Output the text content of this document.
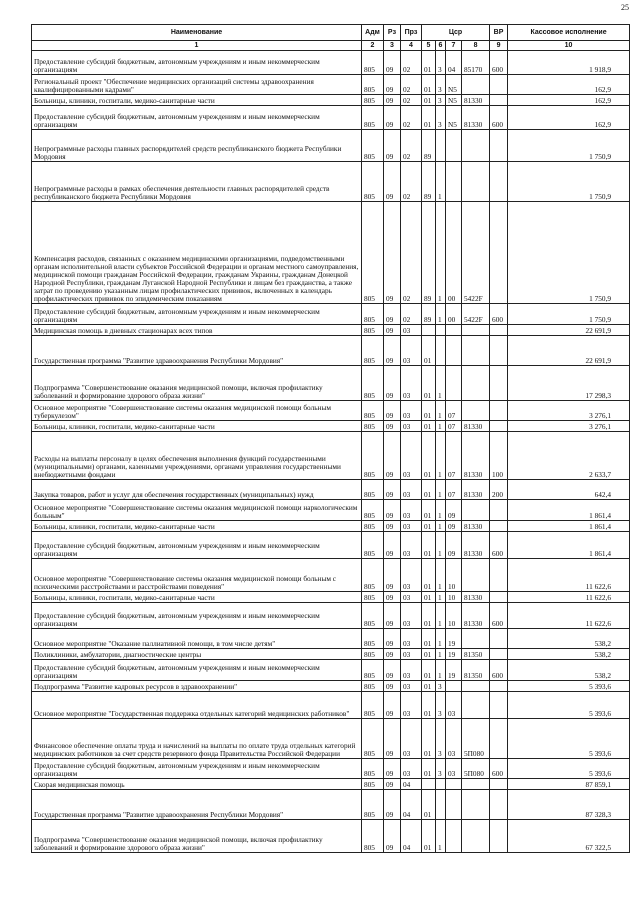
25
Наименование	Адм	Рз	Прз	Цср				ВР	Кассовое исполнение
1	2	3	4	5	6	7	8	9	10
Предоставление субсидий бюджетным, автономным учреждениям и иным некоммерческим организациям	805	09	02	01	3	04	85170	600	1 918,9
Региональный проект "Обеспечение медицинских организаций системы здравоохранения квалифицированными кадрами"	805	09	02	01	3	N5			162,9
Больницы, клиники, госпитали, медико-санитарные части	805	09	02	01	3	N5	81330		162,9
Предоставление субсидий бюджетным, автономным учреждениям и иным некоммерческим организациям	805	09	02	01	3	N5	81330	600	162,9
Непрограммные расходы главных распорядителей средств республиканского бюджета Республики Мордовия	805	09	02	89					1 750,9
Непрограммные расходы в рамках обеспечения деятельности главных распорядителей средств республиканского бюджета Республики Мордовия	805	09	02	89	1				1 750,9
Компенсация расходов, связанных с оказанием медицинскими организациями, подведомственными органам исполнительной власти субъектов Российской Федерации и органам местного самоуправления, медицинской помощи гражданам Российской Федерации, гражданам Украины, гражданам Донецкой Народной Республики, гражданам Луганской Народной Республики и лицам без гражданства, а также затрат по проведению указанным лицам профилактических прививок, включенных в календарь профилактических прививок по эпидемическим показаниям	805	09	02	89	1	00	5422F		1 750,9
Предоставление субсидий бюджетным, автономным учреждениям и иным некоммерческим организациям	805	09	02	89	1	00	5422F	600	1 750,9
Медицинская помощь в дневных стационарах всех типов	805	09	03						22 691,9
Государственная программа "Развитие здравоохранения Республики Мордовия"	805	09	03	01					22 691,9
Подпрограмма "Совершенствование оказания медицинской помощи, включая профилактику заболеваний и формирование здорового образа жизни"	805	09	03	01	1				17 298,3
Основное мероприятие "Совершенствование системы оказания медицинской помощи больным туберкулезом"	805	09	03	01	1	07			3 276,1
Больницы, клиники, госпитали, медико-санитарные части	805	09	03	01	1	07	81330		3 276,1
Расходы на выплаты персоналу в целях обеспечения выполнения функций государственными (муниципальными) органами, казенными учреждениями, органами управления государственными внебюджетными фондами	805	09	03	01	1	07	81330	100	2 633,7
Закупка товаров, работ и услуг для обеспечения государственных (муниципальных) нужд	805	09	03	01	1	07	81330	200	642,4
Основное мероприятие "Совершенствование системы оказания медицинской помощи наркологическим больным"	805	09	03	01	1	09			1 861,4
Больницы, клиники, госпитали, медико-санитарные части	805	09	03	01	1	09	81330		1 861,4
Предоставление субсидий бюджетным, автономным учреждениям и иным некоммерческим организациям	805	09	03	01	1	09	81330	600	1 861,4
Основное мероприятие "Совершенствование системы оказания медицинской помощи больным с психическими расстройствами и расстройствами поведения"	805	09	03	01	1	10			11 622,6
Больницы, клиники, госпитали, медико-санитарные части	805	09	03	01	1	10	81330		11 622,6
Предоставление субсидий бюджетным, автономным учреждениям и иным некоммерческим организациям	805	09	03	01	1	10	81330	600	11 622,6
Основное мероприятие "Оказание паллиативной помощи, в том числе детям"	805	09	03	01	1	19			538,2
Поликлиники, амбулатории, диагностические центры	805	09	03	01	1	19	81350		538,2
Предоставление субсидий бюджетным, автономным учреждениям и иным некоммерческим организациям	805	09	03	01	1	19	81350	600	538,2
Подпрограмма "Развитие кадровых ресурсов в здравоохранении"	805	09	03	01	3				5 393,6
Основное мероприятие "Государственная поддержка отдельных категорий медицинских работников"	805	09	03	01	3	03			5 393,6
Финансовое обеспечение оплаты труда и начислений на выплаты по оплате труда отдельных категорий медицинских работников за счет средств резервного фонда Правительства Российской Федерации	805	09	03	01	3	03	5П080		5 393,6
Предоставление субсидий бюджетным, автономным учреждениям и иным некоммерческим организациям	805	09	03	01	3	03	5П080	600	5 393,6
Скорая медицинская помощь	805	09	04						87 859,1
Государственная программа "Развитие здравоохранения Республики Мордовия"	805	09	04	01					87 328,3
Подпрограмма "Совершенствование оказания медицинской помощи, включая профилактику заболеваний и формирование здорового образа жизни"	805	09	04	01	1				67 322,5
